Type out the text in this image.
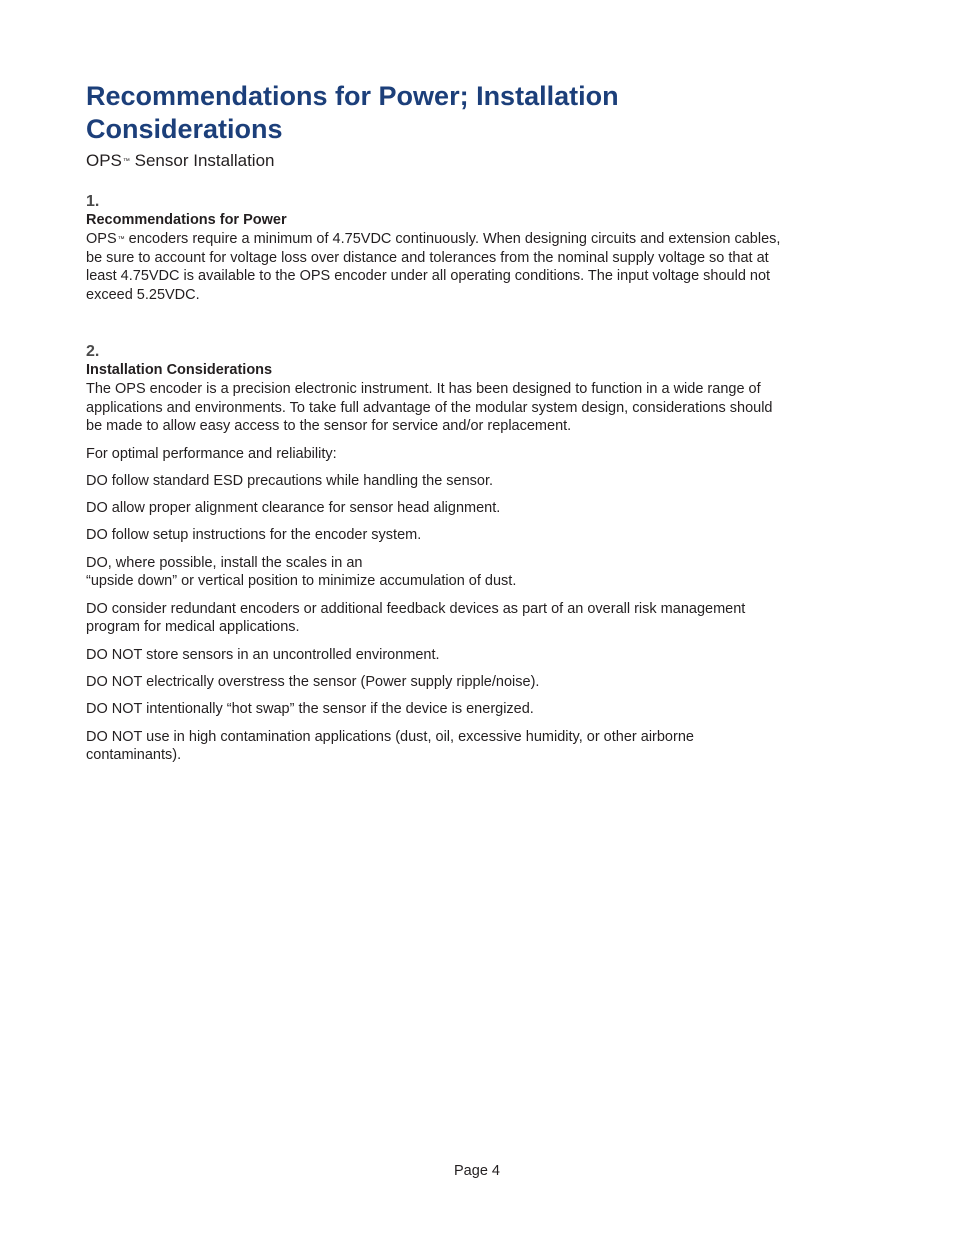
Recommendations for Power; Installation Considerations

OPS™ Sensor Installation

1.
Recommendations for Power

OPS™ encoders require a minimum of 4.75VDC continuously. When designing circuits and extension cables, be sure to account for voltage loss over distance and tolerances from the nominal supply voltage so that at least 4.75VDC is available to the OPS encoder under all operating conditions. The input voltage should not exceed 5.25VDC.

2.
Installation Considerations

The OPS encoder is a precision electronic instrument. It has been designed to function in a wide range of applications and environments. To take full advantage of the modular system design, considerations should be made to allow easy access to the sensor for service and/or replacement.

For optimal performance and reliability:

DO follow standard ESD precautions while handling the sensor.

DO allow proper alignment clearance for sensor head alignment.

DO follow setup instructions for the encoder system.

DO, where possible, install the scales in an
“upside down” or vertical position to minimize accumulation of dust.

DO consider redundant encoders or additional feedback devices as part of an overall risk management program for medical applications.

DO NOT store sensors in an uncontrolled environment.

DO NOT electrically overstress the sensor (Power supply ripple/noise).

DO NOT intentionally “hot swap” the sensor if the device is energized.

DO NOT use in high contamination applications (dust, oil, excessive humidity, or other airborne contaminants).

Page 4
